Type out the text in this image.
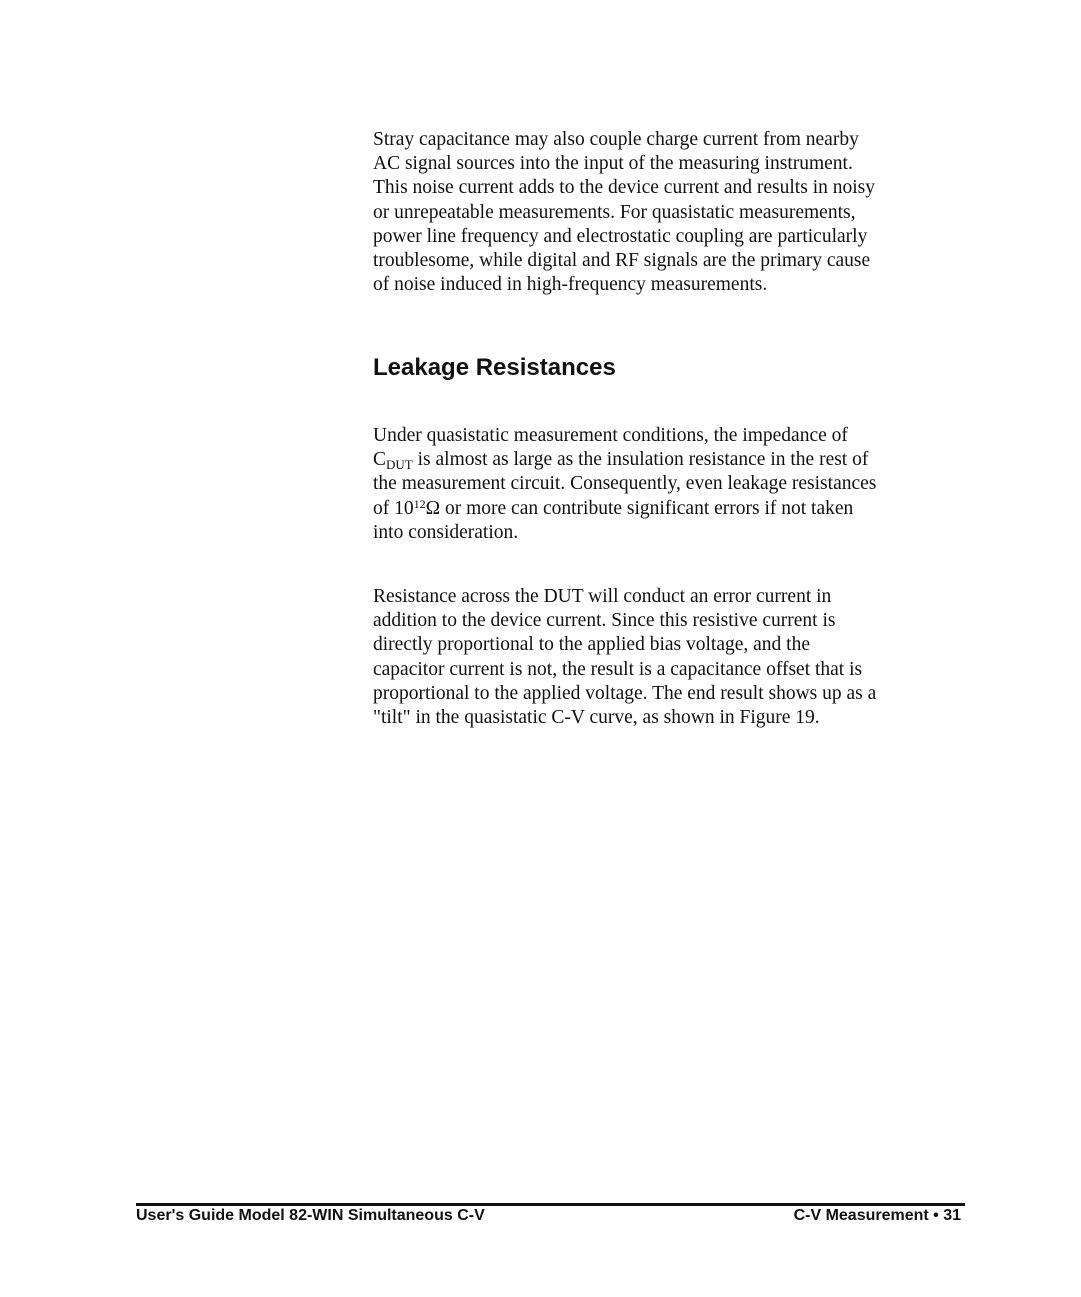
Stray capacitance may also couple charge current from nearby
AC signal sources into the input of the measuring instrument.
This noise current adds to the device current and results in noisy
or unrepeatable measurements. For quasistatic measurements,
power line frequency and electrostatic coupling are particularly
troublesome, while digital and RF signals are the primary cause
of noise induced in high-frequency measurements.

Leakage Resistances

Under quasistatic measurement conditions, the impedance of
$C_{DUT}$ is almost as large as the insulation resistance in the rest of
the measurement circuit. Consequently, even leakage resistances
of $10^{12}\Omega$ or more can contribute significant errors if not taken
into consideration.

Resistance across the DUT will conduct an error current in
addition to the device current. Since this resistive current is
directly proportional to the applied bias voltage, and the
capacitor current is not, the result is a capacitance offset that is
proportional to the applied voltage. The end result shows up as a
"tilt" in the quasistatic C-V curve, as shown in Figure 19.

User's Guide Model 82-WIN Simultaneous C-V	C-V Measurement • 31
